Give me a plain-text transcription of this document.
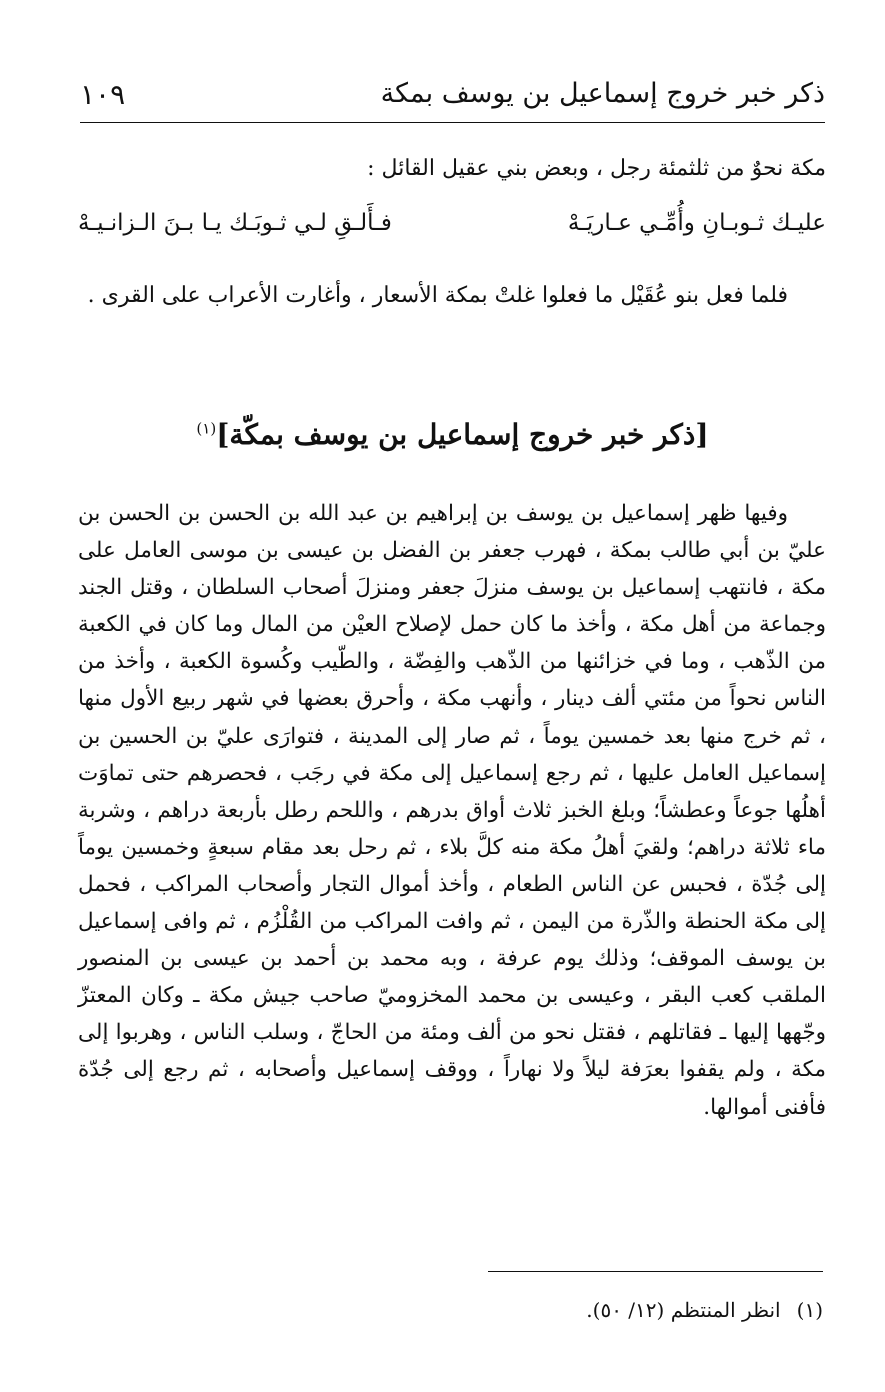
ذكر خبر خروج إسماعيل بن يوسف بمكة
١٠٩
مكة نحوٌ من ثلثمئة رجل ، وبعض بني عقيل القائل :
عليـك ثـوبـانِ وأُمِّـي عـاريَـهْ
فـأَلـقِ لـي ثـوبَـك يـا بـنَ الـزانـيـهْ
فلما فعل بنو عُقَيْل ما فعلوا غلتْ بمكة الأسعار ، وأغارت الأعراب على القرى .
[ذكر خبر خروج إسماعيل بن يوسف بمكّة]$^{(١)}$
وفيها ظهر إسماعيل بن يوسف بن إبراهيم بن عبد الله بن الحسن بن الحسن بن عليّ بن أبي طالب بمكة ، فهرب جعفر بن الفضل بن عيسى بن موسى العامل على مكة ، فانتهب إسماعيل بن يوسف منزلَ جعفر ومنزلَ أصحاب السلطان ، وقتل الجند وجماعة من أهل مكة ، وأخذ ما كان حمل لإصلاح العيْن من المال وما كان في الكعبة من الذّهب ، وما في خزائنها من الذّهب والفِضّة ، والطّيب وكُسوة الكعبة ، وأخذ من الناس نحواً من مئتي ألف دينار ، وأنهب مكة ، وأحرق بعضها في شهر ربيع الأول منها ، ثم خرج منها بعد خمسين يوماً ، ثم صار إلى المدينة ، فتوارَى عليّ بن الحسين بن إسماعيل العامل عليها ، ثم رجع إسماعيل إلى مكة في رجَب ، فحصرهم حتى تماوَت أهلُها جوعاً وعطشاً؛ وبلغ الخبز ثلاث أواق بدرهم ، واللحم رطل بأربعة دراهم ، وشربة ماء ثلاثة دراهم؛ ولقيَ أهلُ مكة منه كلَّ بلاء ، ثم رحل بعد مقام سبعةٍ وخمسين يوماً إلى جُدّة ، فحبس عن الناس الطعام ، وأخذ أموال التجار وأصحاب المراكب ، فحمل إلى مكة الحنطة والذّرة من اليمن ، ثم وافت المراكب من القُلْزُم ، ثم وافى إسماعيل بن يوسف الموقف؛ وذلك يوم عرفة ، وبه محمد بن أحمد بن عيسى بن المنصور الملقب كعب البقر ، وعيسى بن محمد المخزوميّ صاحب جيش مكة ـ وكان المعتزّ وجّهها إليها ـ فقاتلهم ، فقتل نحو من ألف ومئة من الحاجّ ، وسلب الناس ، وهربوا إلى مكة ، ولم يقفوا بعرَفة ليلاً ولا نهاراً ، ووقف إسماعيل وأصحابه ، ثم رجع إلى جُدّة فأفنى أموالها.
(١)انظر المنتظم (١٢/ ٥٠).
